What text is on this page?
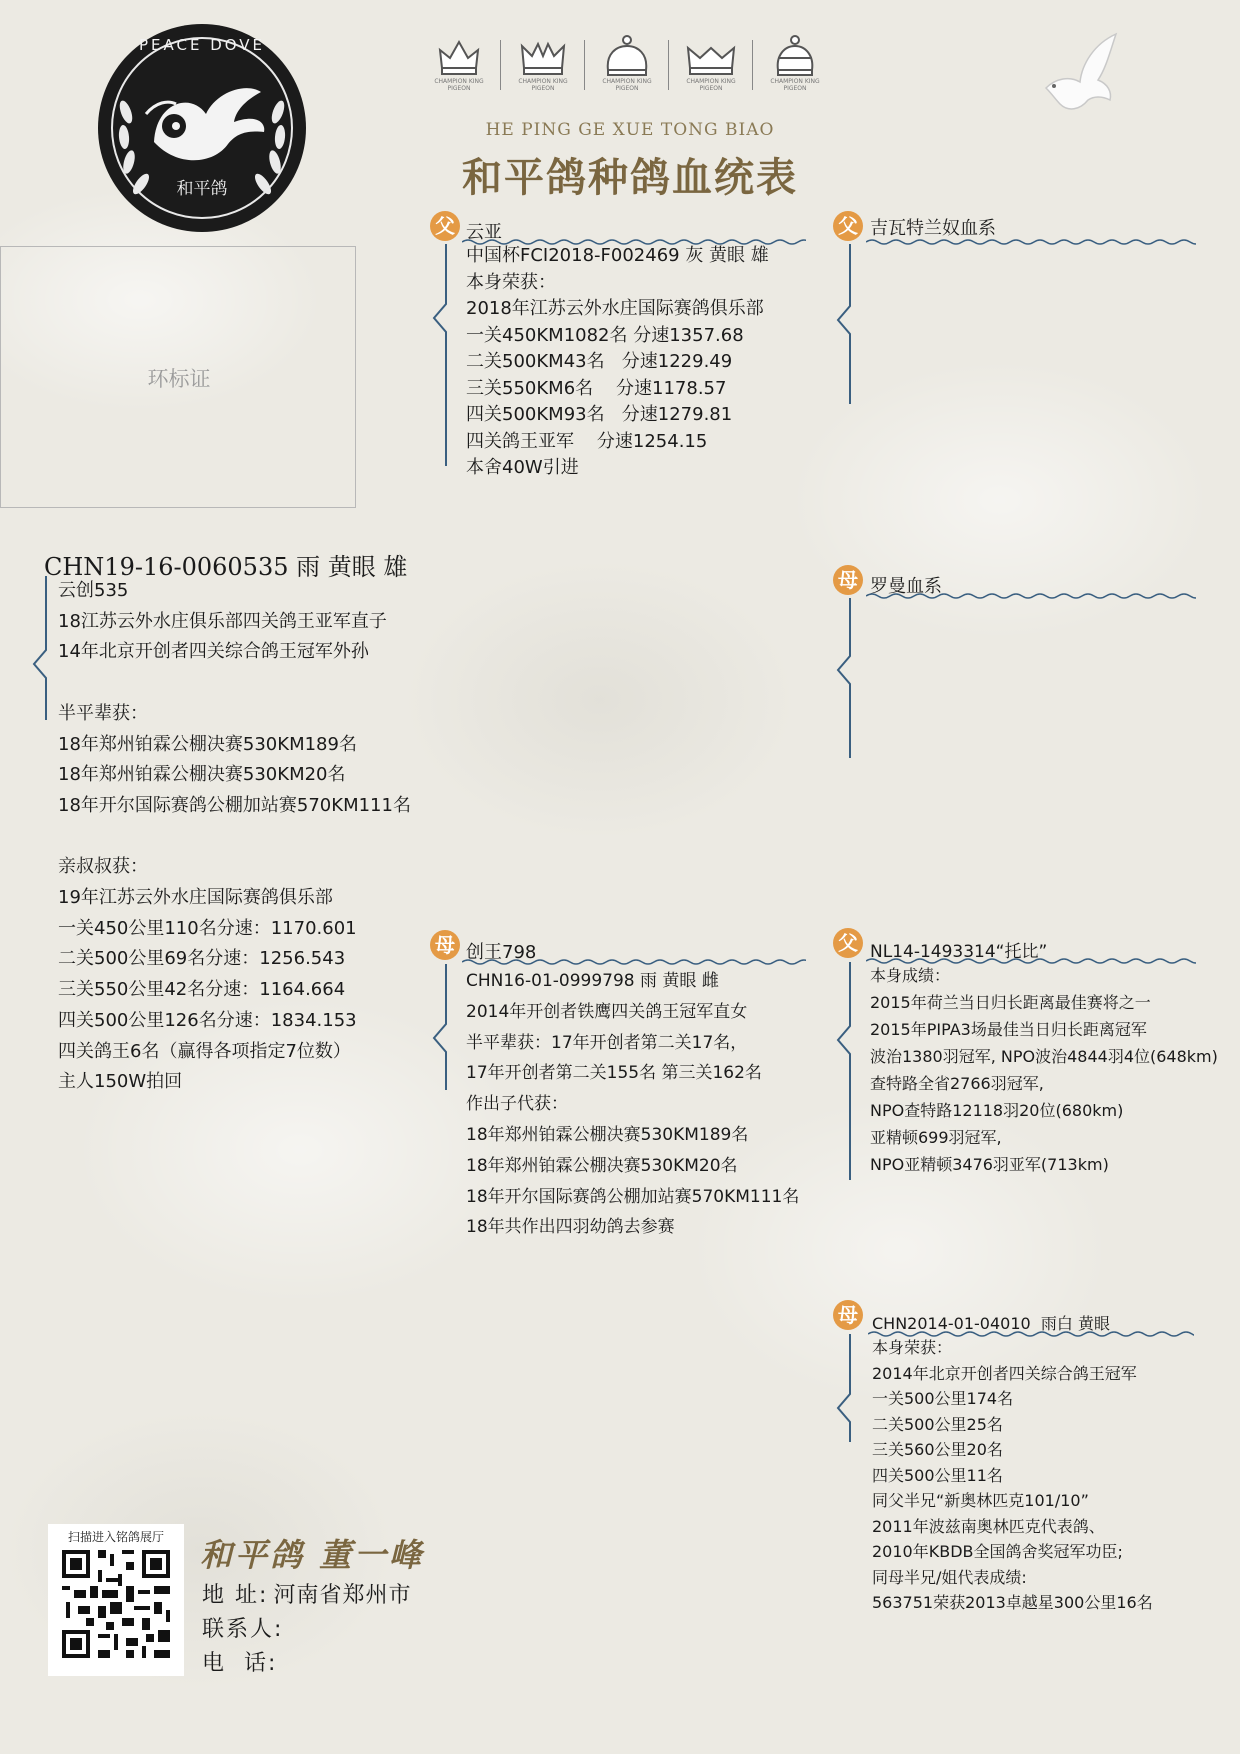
PEACE DOVE
和平鸽
CHAMPION KING PIGEON
CHAMPION KING PIGEON
CHAMPION KING PIGEON
CHAMPION KING PIGEON
CHAMPION KING PIGEON
HE PING GE XUE TONG BIAO
和平鸽种鸽血统表
环标证
CHN19-16-0060535 雨 黄眼 雄
云创535
18江苏云外水庄俱乐部四关鸽王亚军直子
14年北京开创者四关综合鸽王冠军外孙

半平辈获：
18年郑州铂霖公棚决赛530KM189名
18年郑州铂霖公棚决赛530KM20名
18年开尔国际赛鸽公棚加站赛570KM111名

亲叔叔获：
19年江苏云外水庄国际赛鸽俱乐部
一关450公里110名分速：1170.601
二关500公里69名分速：1256.543
三关550公里42名分速：1164.664
四关500公里126名分速：1834.153
四关鸽王6名（赢得各项指定7位数）
主人150W拍回
父 云亚
中国杯FCI2018-F002469 灰 黄眼 雄
本身荣获：
2018年江苏云外水庄国际赛鸽俱乐部
一关450KM1082名 分速1357.68
二关500KM43名   分速1229.49
三关550KM6名    分速1178.57
四关500KM93名   分速1279.81
四关鸽王亚军    分速1254.15
本舍40W引进
母 创王798
CHN16-01-0999798 雨 黄眼 雌
2014年开创者铁鹰四关鸽王冠军直女
半平辈获：17年开创者第二关17名，
17年开创者第二关155名 第三关162名
作出子代获：
18年郑州铂霖公棚决赛530KM189名
18年郑州铂霖公棚决赛530KM20名
18年开尔国际赛鸽公棚加站赛570KM111名
18年共作出四羽幼鸽去参赛
父 吉瓦特兰奴血系
母 罗曼血系
父 NL14-1493314“托比”
本身成绩：
2015年荷兰当日归长距离最佳赛将之一
2015年PIPA3场最佳当日归长距离冠军
波治1380羽冠军, NPO波治4844羽4位(648km)
查特路全省2766羽冠军,
NPO查特路12118羽20位(680km)
亚精顿699羽冠军,
NPO亚精顿3476羽亚军(713km)
母 CHN2014-01-04010  雨白 黄眼
本身荣获：
2014年北京开创者四关综合鸽王冠军
一关500公里174名
二关500公里25名
三关560公里20名
四关500公里11名
同父半兄“新奥林匹克101/10”
2011年波兹南奥林匹克代表鸽、
2010年KBDB全国鸽舍奖冠军功臣;
同母半兄/姐代表成绩:
563751荣获2013卓越星300公里16名
扫描进入铭鸽展厅	和平鸽 董一峰
地 址: 河南省郑州市
联系人:
电  话:
